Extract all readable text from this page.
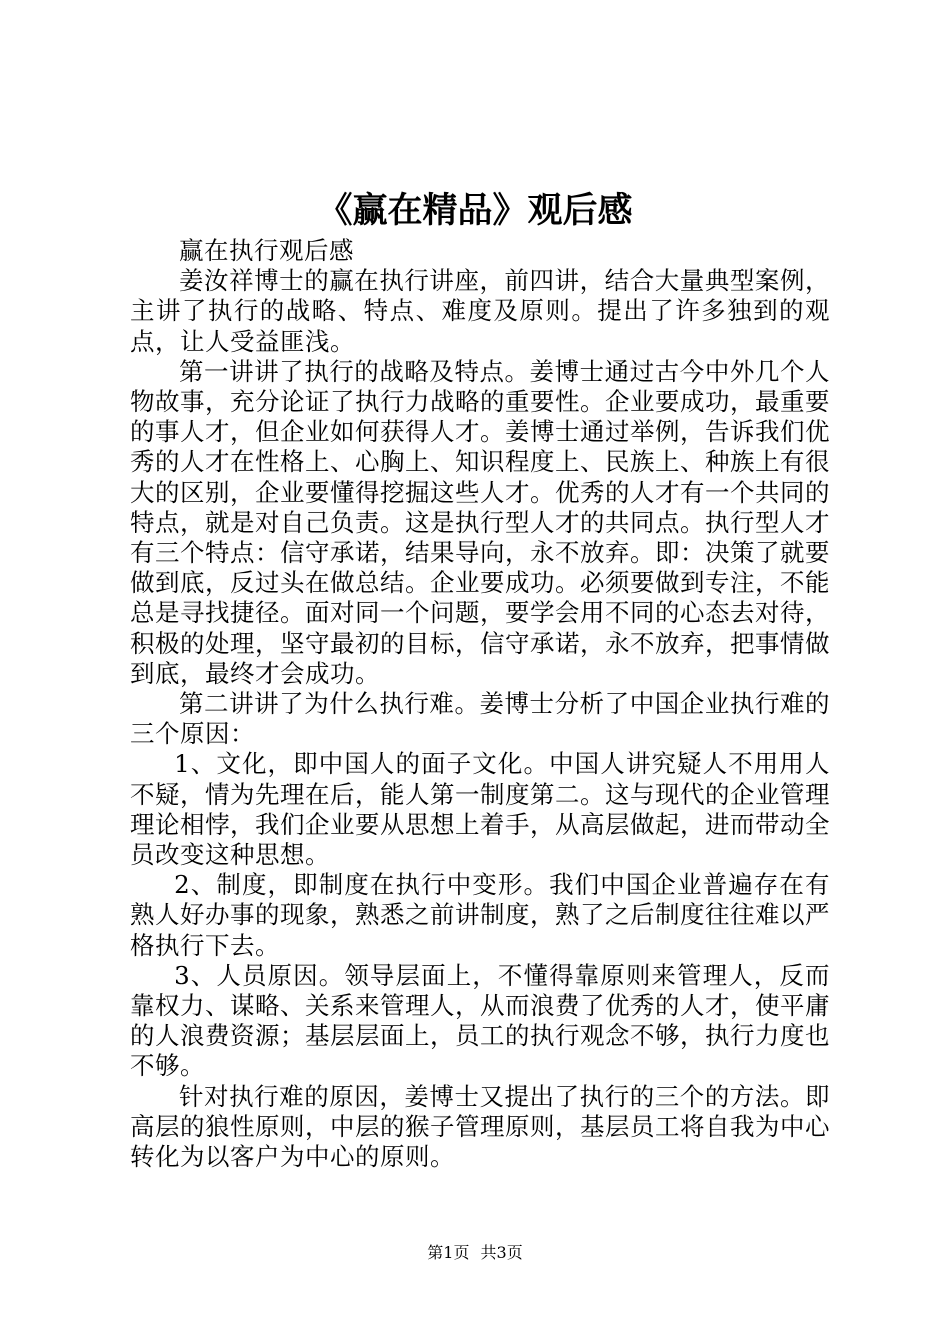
《赢在精品》观后感

赢在执行观后感

姜汝祥博士的赢在执行讲座，前四讲，结合大量典型案例，主讲了执行的战略、特点、难度及原则。提出了许多独到的观点，让人受益匪浅。

第一讲讲了执行的战略及特点。姜博士通过古今中外几个人物故事，充分论证了执行力战略的重要性。企业要成功，最重要的事人才，但企业如何获得人才。姜博士通过举例，告诉我们优秀的人才在性格上、心胸上、知识程度上、民族上、种族上有很大的区别，企业要懂得挖掘这些人才。优秀的人才有一个共同的特点，就是对自己负责。这是执行型人才的共同点。执行型人才有三个特点：信守承诺，结果导向，永不放弃。即：决策了就要做到底，反过头在做总结。企业要成功。必须要做到专注，不能总是寻找捷径。面对同一个问题，要学会用不同的心态去对待，积极的处理，坚守最初的目标，信守承诺，永不放弃，把事情做到底，最终才会成功。

第二讲讲了为什么执行难。姜博士分析了中国企业执行难的三个原因：

1、文化，即中国人的面子文化。中国人讲究疑人不用用人不疑，情为先理在后，能人第一制度第二。这与现代的企业管理理论相悖，我们企业要从思想上着手，从高层做起，进而带动全员改变这种思想。

2、制度，即制度在执行中变形。我们中国企业普遍存在有熟人好办事的现象，熟悉之前讲制度，熟了之后制度往往难以严格执行下去。

3、人员原因。领导层面上，不懂得靠原则来管理人，反而靠权力、谋略、关系来管理人，从而浪费了优秀的人才，使平庸的人浪费资源；基层层面上，员工的执行观念不够，执行力度也不够。

针对执行难的原因，姜博士又提出了执行的三个的方法。即高层的狼性原则，中层的猴子管理原则，基层员工将自我为中心转化为以客户为中心的原则。

第1页 共3页
